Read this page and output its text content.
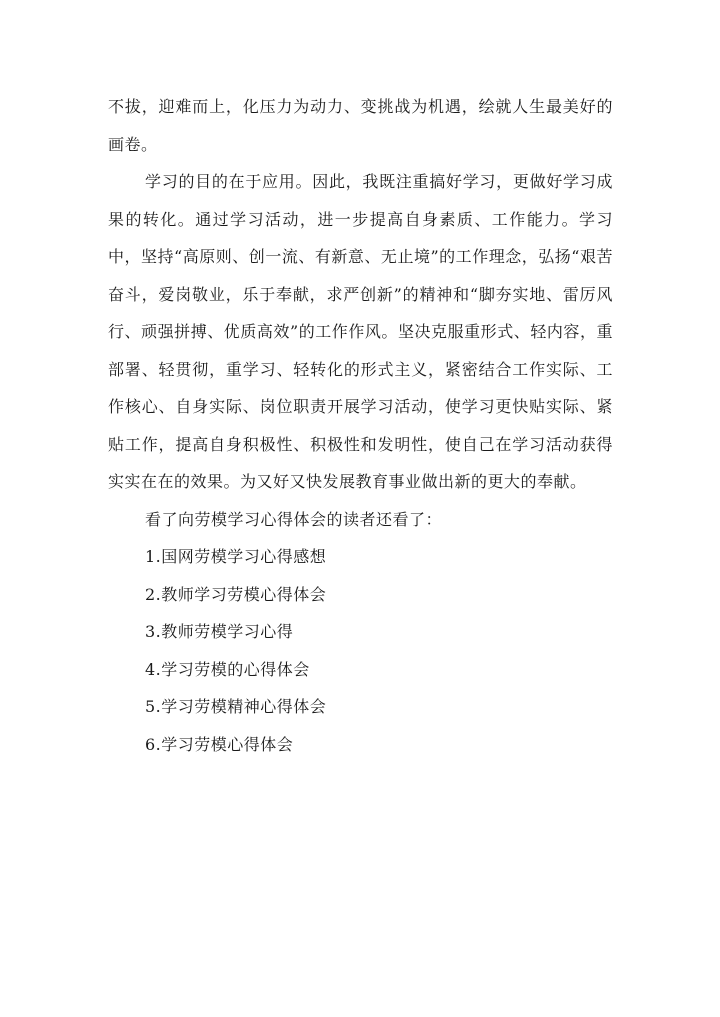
不拔，迎难而上，化压力为动力、变挑战为机遇，绘就人生最美好的画卷。

学习的目的在于应用。因此，我既注重搞好学习，更做好学习成果的转化。通过学习活动，进一步提高自身素质、工作能力。学习中，坚持“高原则、创一流、有新意、无止境”的工作理念，弘扬“艰苦奋斗，爱岗敬业，乐于奉献，求严创新”的精神和“脚夯实地、雷厉风行、顽强拼搏、优质高效”的工作作风。坚决克服重形式、轻内容，重部署、轻贯彻，重学习、轻转化的形式主义，紧密结合工作实际、工作核心、自身实际、岗位职责开展学习活动，使学习更快贴实际、紧贴工作，提高自身积极性、积极性和发明性，使自己在学习活动获得实实在在的效果。为又好又快发展教育事业做出新的更大的奉献。

看了向劳模学习心得体会的读者还看了：

1.国网劳模学习心得感想
2.教师学习劳模心得体会
3.教师劳模学习心得
4.学习劳模的心得体会
5.学习劳模精神心得体会
6.学习劳模心得体会
